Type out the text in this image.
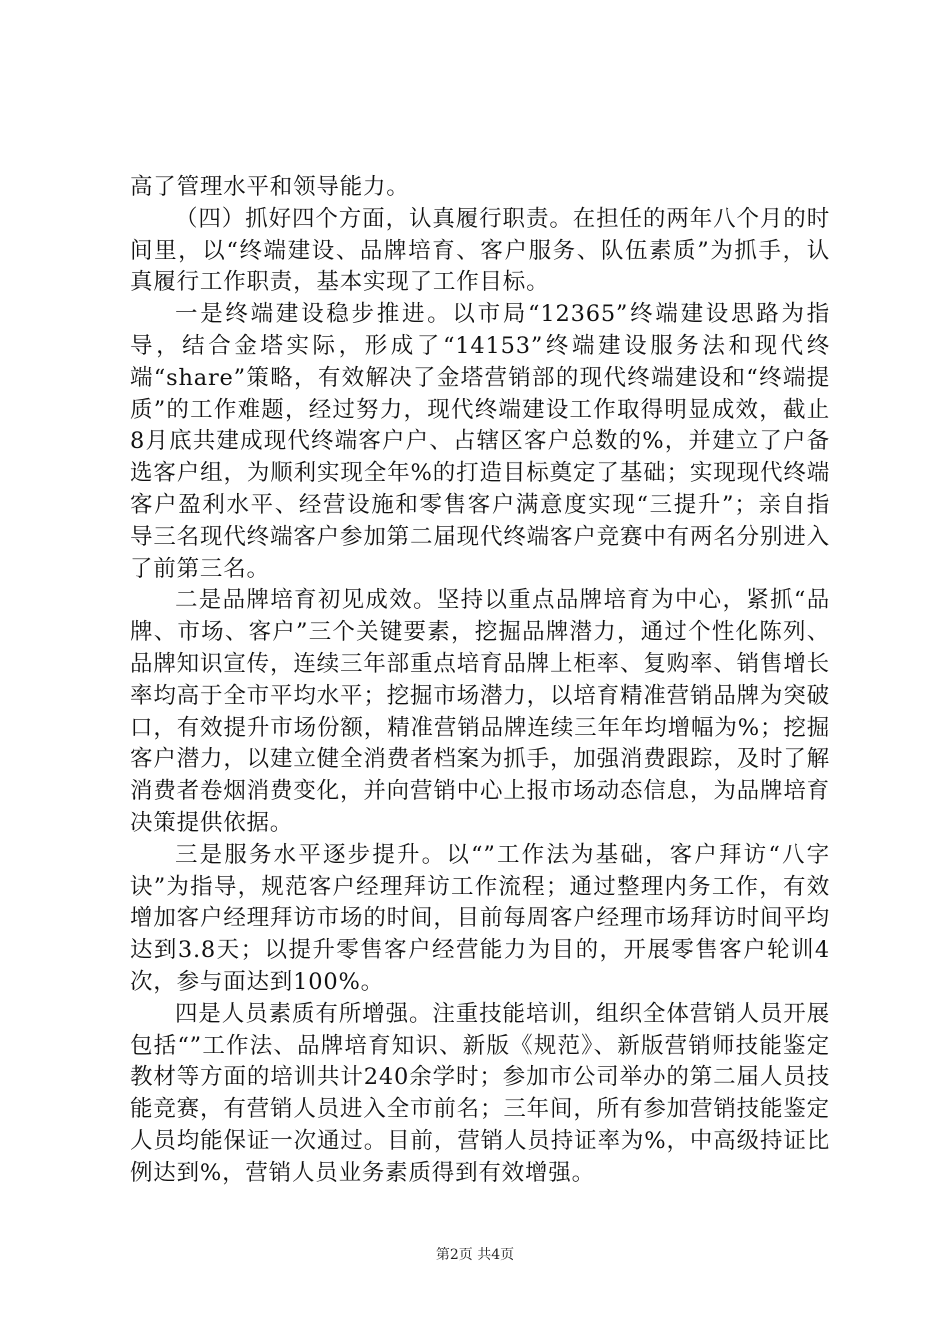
高了管理水平和领导能力。

（四）抓好四个方面，认真履行职责。在担任的两年八个月的时间里，以“终端建设、品牌培育、客户服务、队伍素质”为抓手，认真履行工作职责，基本实现了工作目标。

一是终端建设稳步推进。以市局“12365”终端建设思路为指导，结合金塔实际，形成了“14153”终端建设服务法和现代终端“share”策略，有效解决了金塔营销部的现代终端建设和“终端提质”的工作难题，经过努力，现代终端建设工作取得明显成效，截止8月底共建成现代终端客户户、占辖区客户总数的%，并建立了户备选客户组，为顺利实现全年%的打造目标奠定了基础；实现现代终端客户盈利水平、经营设施和零售客户满意度实现“三提升”；亲自指导三名现代终端客户参加第二届现代终端客户竞赛中有两名分别进入了前第三名。

二是品牌培育初见成效。坚持以重点品牌培育为中心，紧抓“品牌、市场、客户”三个关键要素，挖掘品牌潜力，通过个性化陈列、品牌知识宣传，连续三年部重点培育品牌上柜率、复购率、销售增长率均高于全市平均水平；挖掘市场潜力，以培育精准营销品牌为突破口，有效提升市场份额，精准营销品牌连续三年年均增幅为%；挖掘客户潜力，以建立健全消费者档案为抓手，加强消费跟踪，及时了解消费者卷烟消费变化，并向营销中心上报市场动态信息，为品牌培育决策提供依据。

三是服务水平逐步提升。以“”工作法为基础，客户拜访“八字诀”为指导，规范客户经理拜访工作流程；通过整理内务工作，有效增加客户经理拜访市场的时间，目前每周客户经理市场拜访时间平均达到3.8天；以提升零售客户经营能力为目的，开展零售客户轮训4次，参与面达到100%。

四是人员素质有所增强。注重技能培训，组织全体营销人员开展包括“”工作法、品牌培育知识、新版《规范》、新版营销师技能鉴定教材等方面的培训共计240余学时；参加市公司举办的第二届人员技能竞赛，有营销人员进入全市前名；三年间，所有参加营销技能鉴定人员均能保证一次通过。目前，营销人员持证率为%，中高级持证比例达到%，营销人员业务素质得到有效增强。

第2页 共4页
